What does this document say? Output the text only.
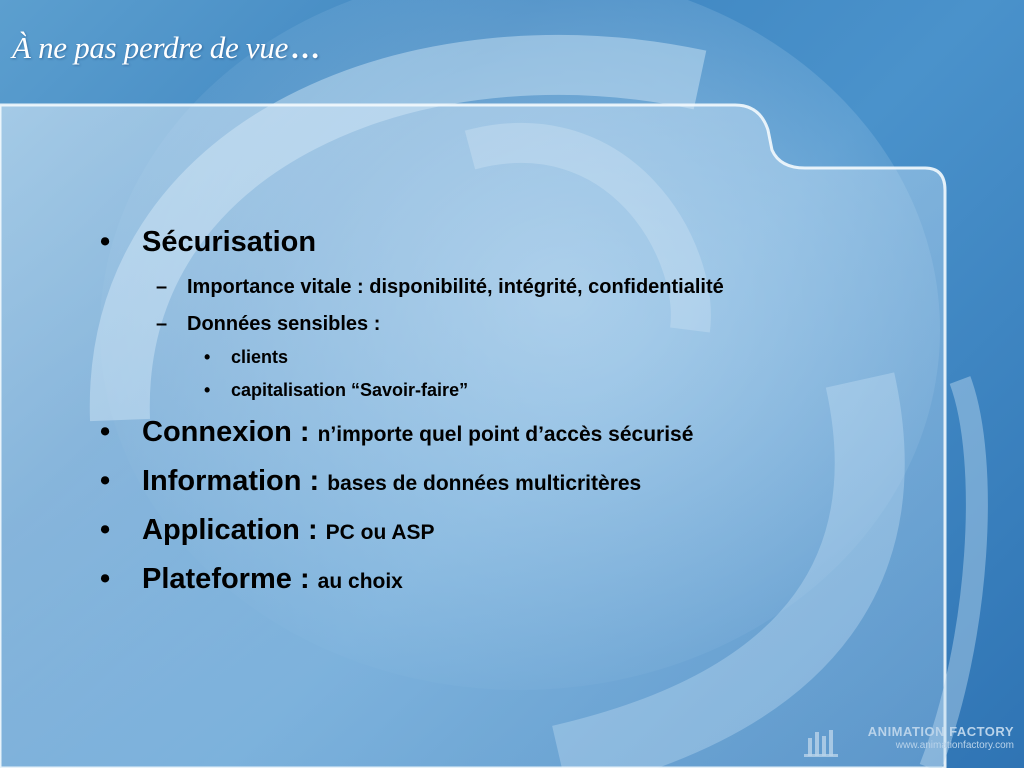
À ne pas perdre de vue…
•	Sécurisation
– Importance vitale : disponibilité, intégrité, confidentialité
– Données sensibles :
• clients
• capitalisation “Savoir-faire”
•	Connexion : n’importe quel point d’accès sécurisé
•	Information : bases de données multicritères
•	Application : PC ou ASP
•	Plateforme : au choix
ANIMATION FACTORY
www.animationfactory.com
